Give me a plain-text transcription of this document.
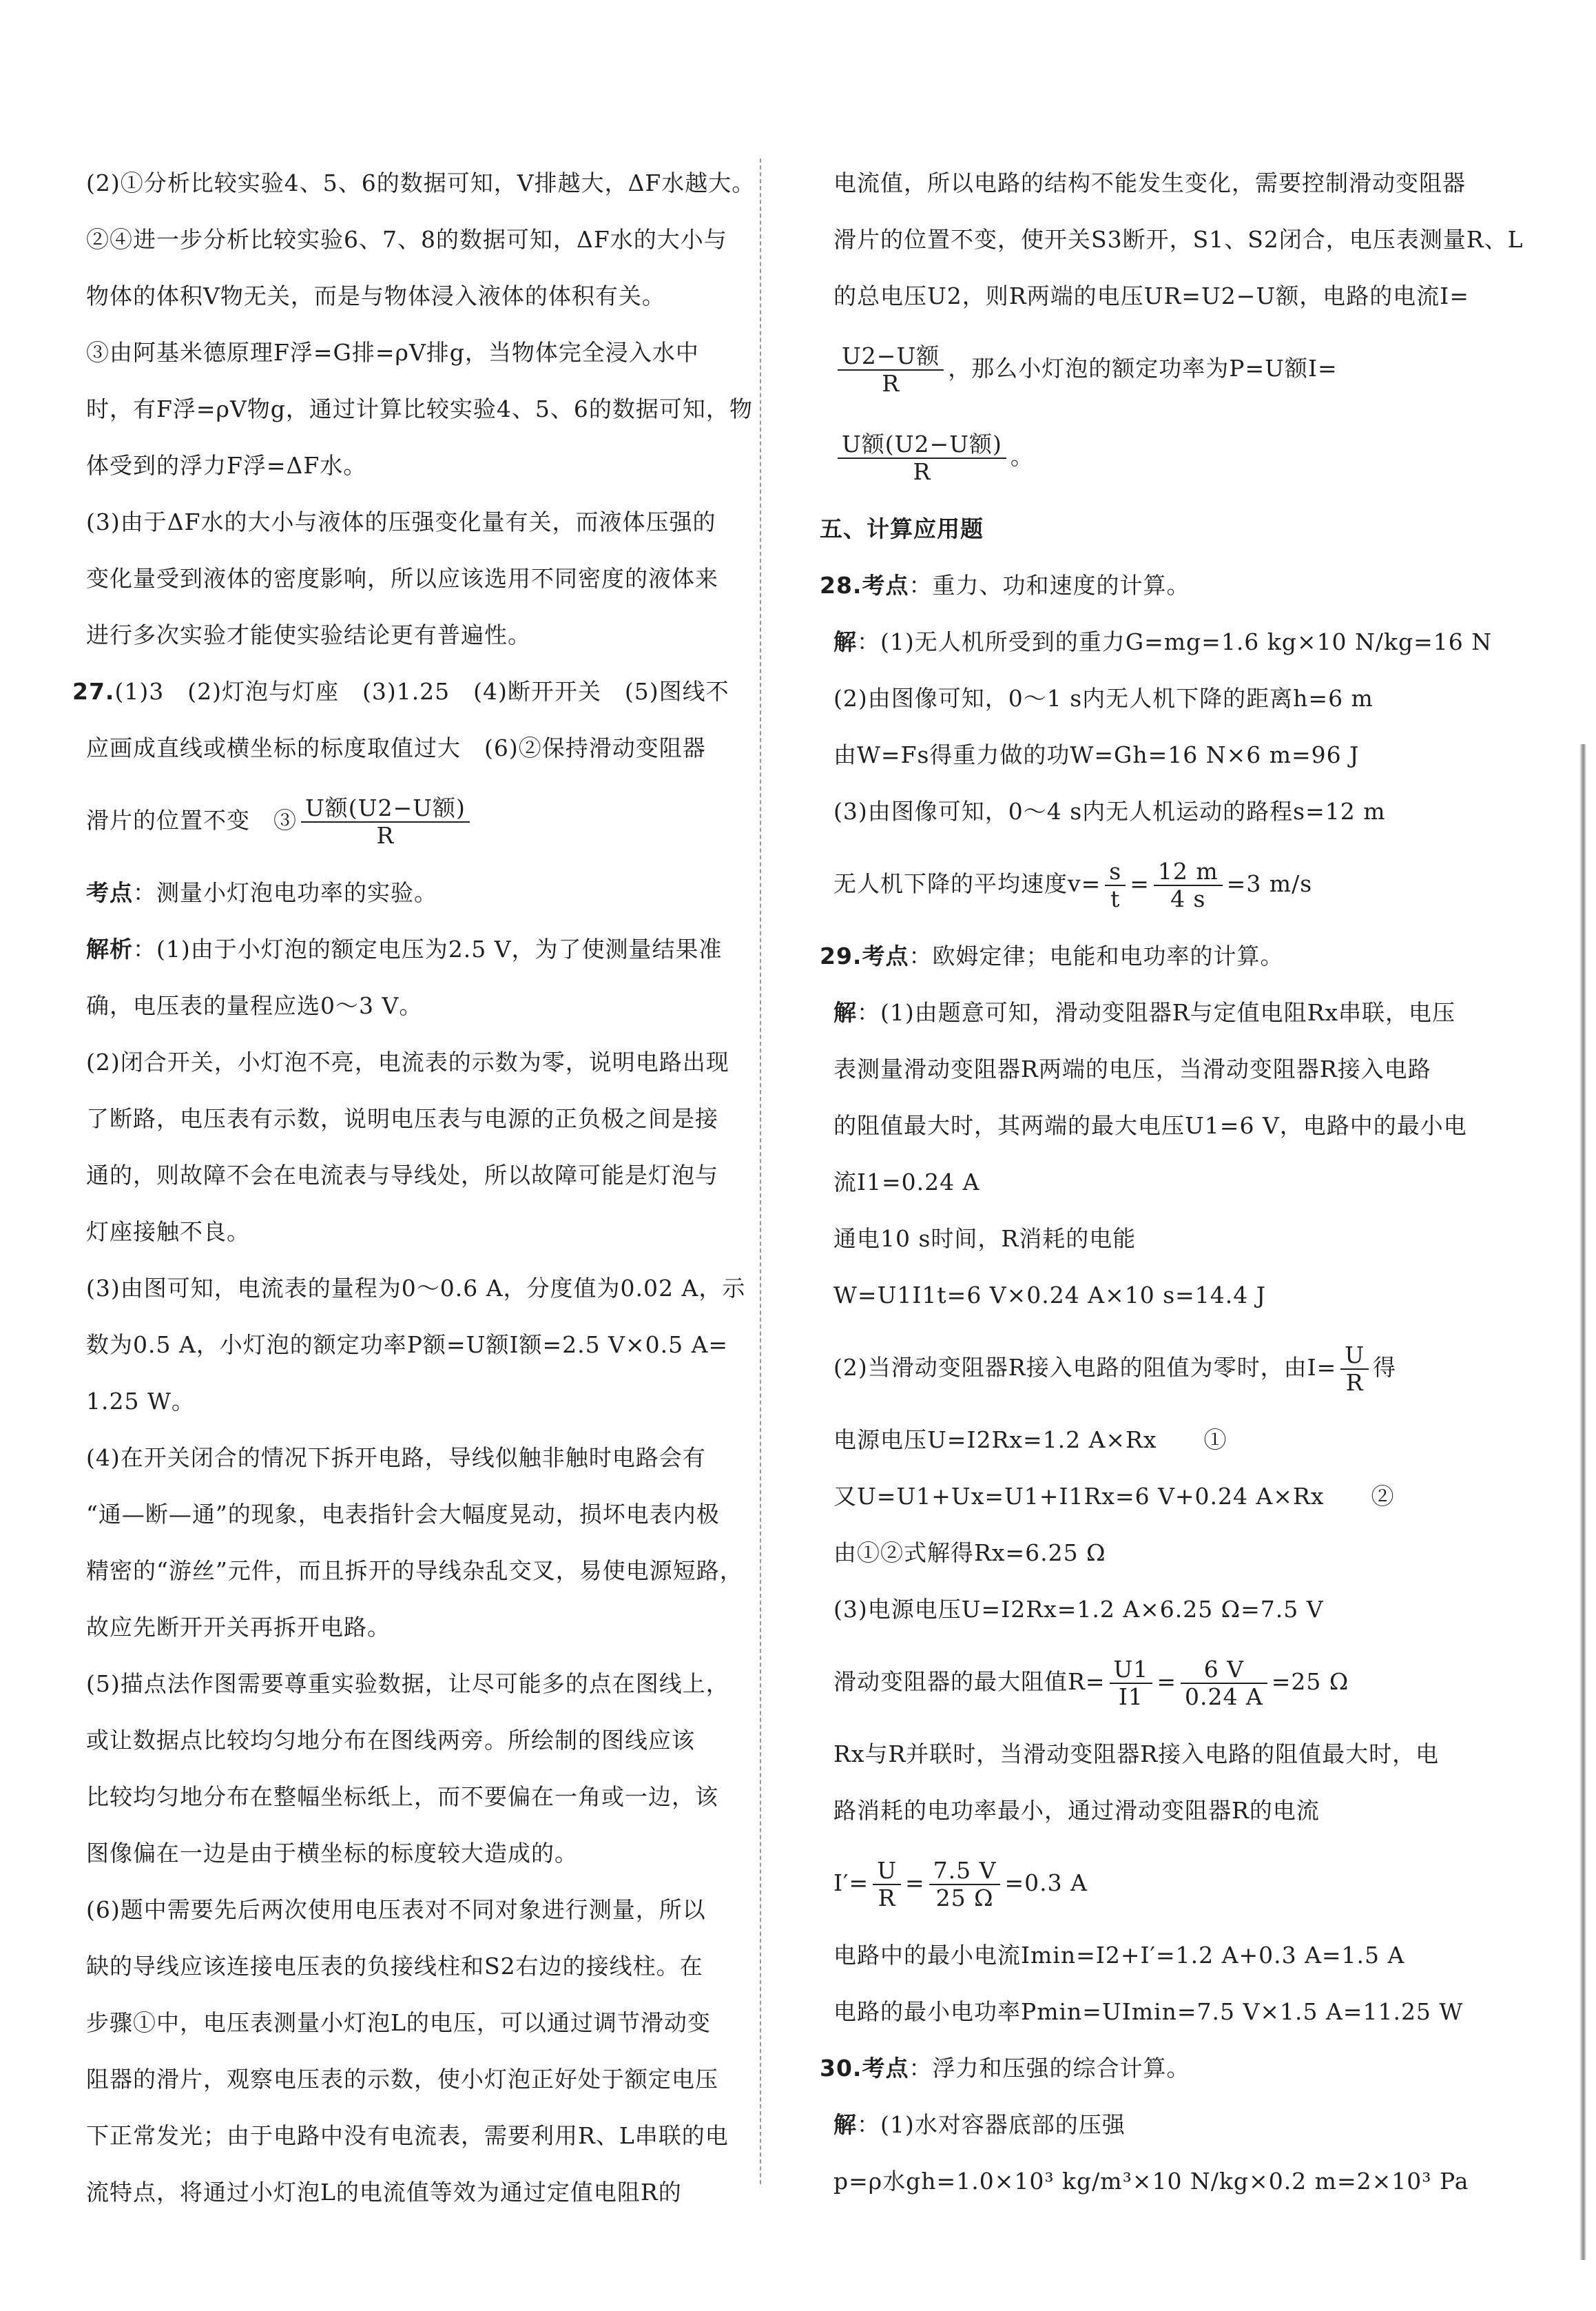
(2)①分析比较实验4、5、6的数据可知，V排越大，ΔF水越大。
②④进一步分析比较实验6、7、8的数据可知，ΔF水的大小与
物体的体积V物无关，而是与物体浸入液体的体积有关。
③由阿基米德原理F浮=G排=ρV排g，当物体完全浸入水中
时，有F浮=ρV物g，通过计算比较实验4、5、6的数据可知，物
体受到的浮力F浮=ΔF水。
(3)由于ΔF水的大小与液体的压强变化量有关，而液体压强的
变化量受到液体的密度影响，所以应该选用不同密度的液体来
进行多次实验才能使实验结论更有普遍性。
27.(1)3　(2)灯泡与灯座　(3)1.25　(4)断开开关　(5)图线不
应画成直线或横坐标的标度取值过大　(6)②保持滑动变阻器
滑片的位置不变　③ $\frac{\text{U额(U2−U额)}}{R}$
考点：测量小灯泡电功率的实验。
解析：(1)由于小灯泡的额定电压为2.5 V，为了使测量结果准
确，电压表的量程应选0～3 V。
(2)闭合开关，小灯泡不亮，电流表的示数为零，说明电路出现
了断路，电压表有示数，说明电压表与电源的正负极之间是接
通的，则故障不会在电流表与导线处，所以故障可能是灯泡与
灯座接触不良。
(3)由图可知，电流表的量程为0～0.6 A，分度值为0.02 A，示
数为0.5 A，小灯泡的额定功率P额=U额I额=2.5 V×0.5 A=
1.25 W。
(4)在开关闭合的情况下拆开电路，导线似触非触时电路会有
“通—断—通”的现象，电表指针会大幅度晃动，损坏电表内极
精密的“游丝”元件，而且拆开的导线杂乱交叉，易使电源短路，
故应先断开开关再拆开电路。
(5)描点法作图需要尊重实验数据，让尽可能多的点在图线上，
或让数据点比较均匀地分布在图线两旁。所绘制的图线应该
比较均匀地分布在整幅坐标纸上，而不要偏在一角或一边，该
图像偏在一边是由于横坐标的标度较大造成的。
(6)题中需要先后两次使用电压表对不同对象进行测量，所以
缺的导线应该连接电压表的负接线柱和S2右边的接线柱。在
步骤①中，电压表测量小灯泡L的电压，可以通过调节滑动变
阻器的滑片，观察电压表的示数，使小灯泡正好处于额定电压
下正常发光；由于电路中没有电流表，需要利用R、L串联的电
流特点，将通过小灯泡L的电流值等效为通过定值电阻R的
电流值，所以电路的结构不能发生变化，需要控制滑动变阻器
滑片的位置不变，使开关S3断开，S1、S2闭合，电压表测量R、L
的总电压U2，则R两端的电压UR=U2−U额，电路的电流I=
$\frac{\text{U2−U额}}{R}$ ，那么小灯泡的额定功率为P=U额I=
$\frac{\text{U额(U2−U额)}}{R}$ 。
五、计算应用题
28.考点：重力、功和速度的计算。
解：(1)无人机所受到的重力G=mg=1.6 kg×10 N/kg=16 N
(2)由图像可知，0～1 s内无人机下降的距离h=6 m
由W=Fs得重力做的功W=Gh=16 N×6 m=96 J
(3)由图像可知，0～4 s内无人机运动的路程s=12 m
无人机下降的平均速度$v= \frac{s}{t} = \frac{12 m}{4 s} =3$ m/s
29.考点：欧姆定律；电能和电功率的计算。
解：(1)由题意可知，滑动变阻器R与定值电阻Rx串联，电压
表测量滑动变阻器R两端的电压，当滑动变阻器R接入电路
的阻值最大时，其两端的最大电压U1=6 V，电路中的最小电
流I1=0.24 A
通电10 s时间，R消耗的电能
W=U1I1t=6 V×0.24 A×10 s=14.4 J
(2)当滑动变阻器R接入电路的阻值为零时，由$I= \frac{U}{R}$ 得
电源电压U=I2Rx=1.2 A×Rx　　①
又U=U1+Ux=U1+I1Rx=6 V+0.24 A×Rx　　②
由①②式解得Rx=6.25 Ω
(3)电源电压U=I2Rx=1.2 A×6.25 Ω=7.5 V
滑动变阻器的最大阻值$R= \frac{U1}{I1} = \frac{6 V}{0.24 A} =25$ Ω
Rx与R并联时，当滑动变阻器R接入电路的阻值最大时，电
路消耗的电功率最小，通过滑动变阻器R的电流
$I'= \frac{U}{R} = \frac{7.5 V}{25 \Omega} =0.3$ A
电路中的最小电流Imin=I2+I′=1.2 A+0.3 A=1.5 A
电路的最小电功率Pmin=UImin=7.5 V×1.5 A=11.25 W
30.考点：浮力和压强的综合计算。
解：(1)水对容器底部的压强
p=ρ水gh=1.0×10³ kg/m³×10 N/kg×0.2 m=2×10³ Pa
